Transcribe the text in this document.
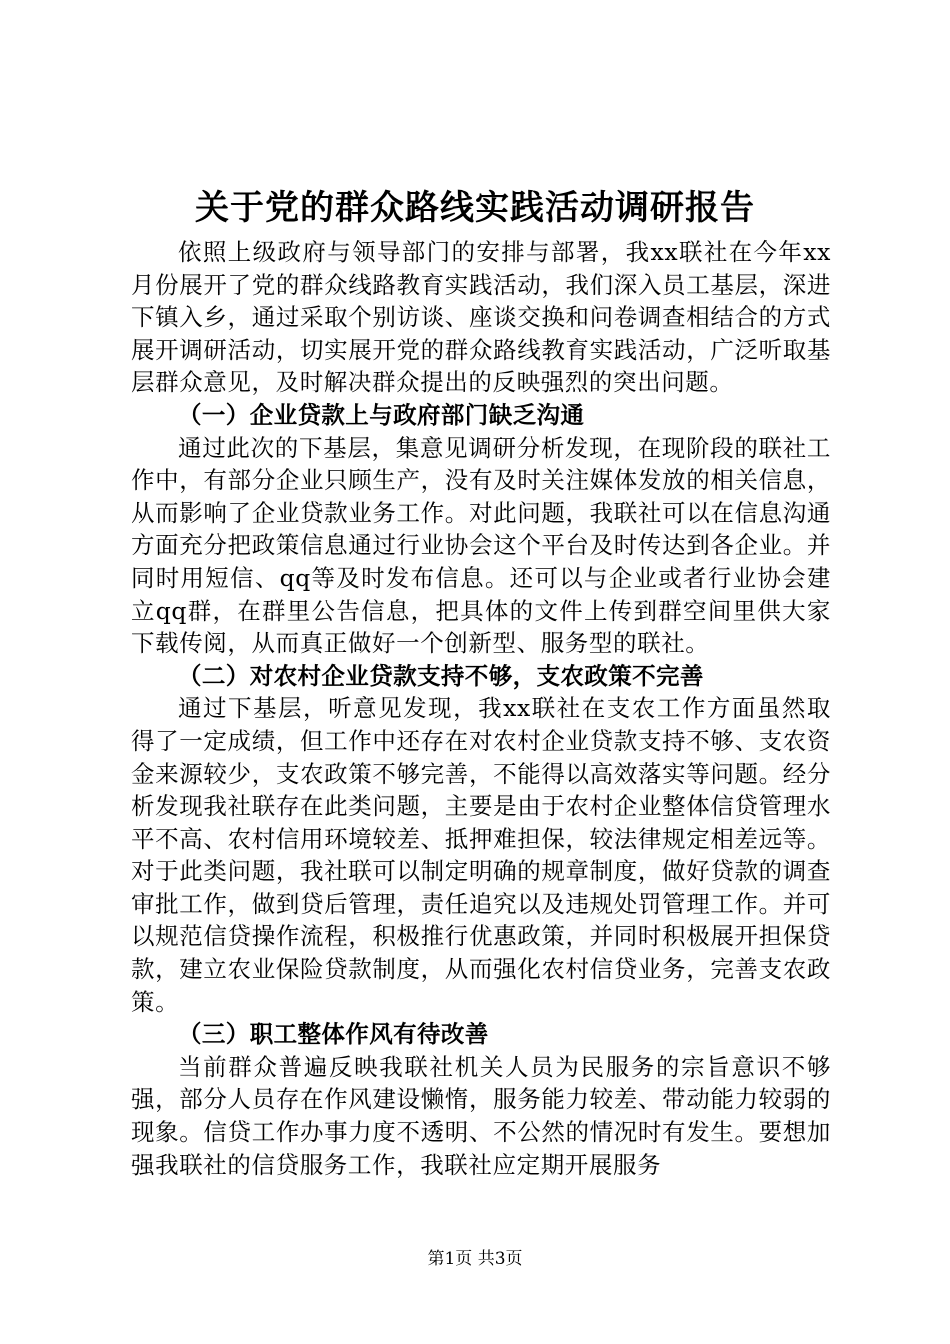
关于党的群众路线实践活动调研报告

依照上级政府与领导部门的安排与部署，我xx联社在今年xx月份展开了党的群众线路教育实践活动，我们深入员工基层，深进下镇入乡，通过采取个别访谈、座谈交换和问卷调查相结合的方式展开调研活动，切实展开党的群众路线教育实践活动，广泛听取基层群众意见，及时解决群众提出的反映强烈的突出问题。

（一）企业贷款上与政府部门缺乏沟通

通过此次的下基层，集意见调研分析发现，在现阶段的联社工作中，有部分企业只顾生产，没有及时关注媒体发放的相关信息，从而影响了企业贷款业务工作。对此问题，我联社可以在信息沟通方面充分把政策信息通过行业协会这个平台及时传达到各企业。并同时用短信、qq等及时发布信息。还可以与企业或者行业协会建立qq群，在群里公告信息，把具体的文件上传到群空间里供大家下载传阅，从而真正做好一个创新型、服务型的联社。

（二）对农村企业贷款支持不够，支农政策不完善

通过下基层，听意见发现，我xx联社在支农工作方面虽然取得了一定成绩，但工作中还存在对农村企业贷款支持不够、支农资金来源较少，支农政策不够完善，不能得以高效落实等问题。经分析发现我社联存在此类问题，主要是由于农村企业整体信贷管理水平不高、农村信用环境较差、抵押难担保，较法律规定相差远等。对于此类问题，我社联可以制定明确的规章制度，做好贷款的调查审批工作，做到贷后管理，责任追究以及违规处罚管理工作。并可以规范信贷操作流程，积极推行优惠政策，并同时积极展开担保贷款，建立农业保险贷款制度，从而强化农村信贷业务，完善支农政策。

（三）职工整体作风有待改善

当前群众普遍反映我联社机关人员为民服务的宗旨意识不够强，部分人员存在作风建设懒惰，服务能力较差、带动能力较弱的现象。信贷工作办事力度不透明、不公然的情况时有发生。要想加强我联社的信贷服务工作，我联社应定期开展服务

第1页 共3页
